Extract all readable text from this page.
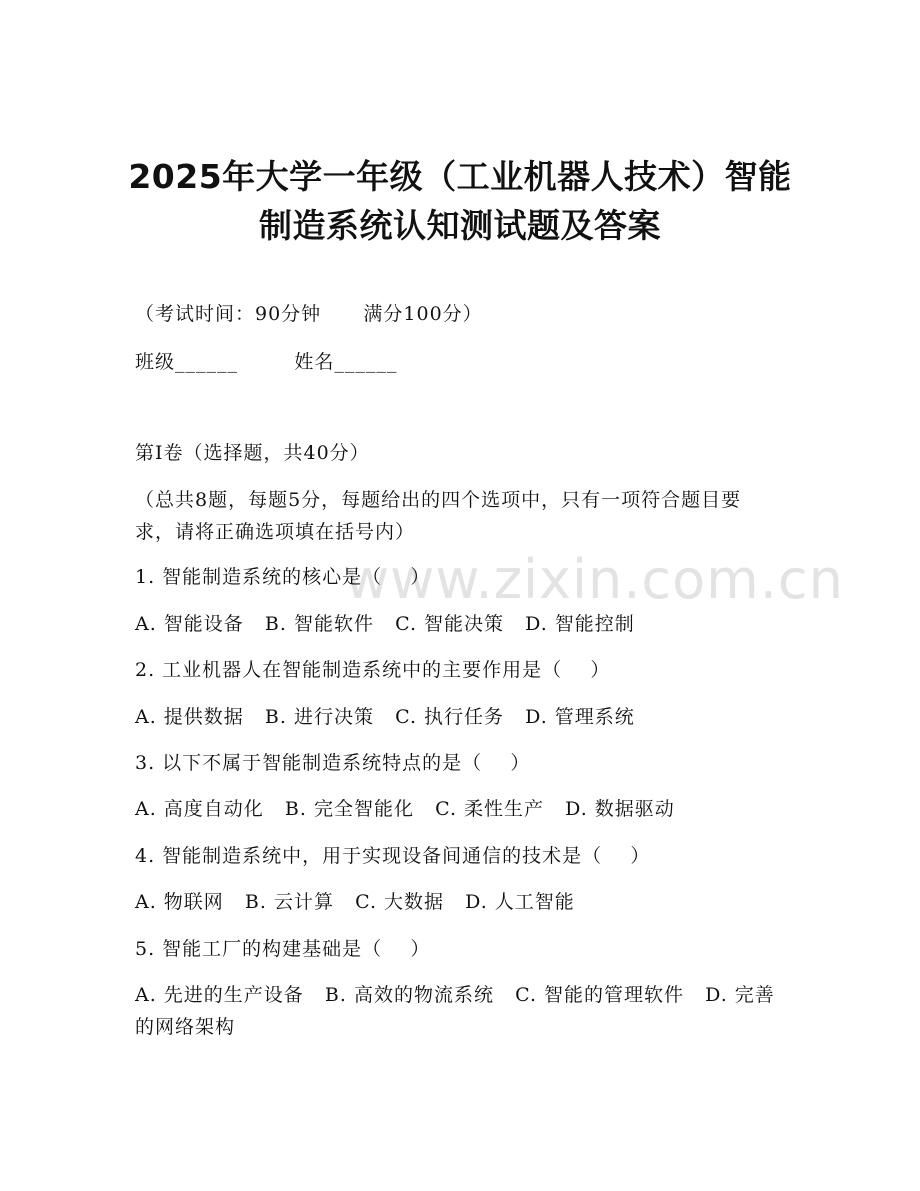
www.zixin.com.cn
2025年大学一年级（工业机器人技术）智能
制造系统认知测试题及答案
（考试时间：90分钟      满分100分）
班级______        姓名______
第I卷（选择题，共40分）
（总共8题，每题5分，每题给出的四个选项中，只有一项符合题目要求，请将正确选项填在括号内）
1. 智能制造系统的核心是（    ）
A. 智能设备   B. 智能软件   C. 智能决策   D. 智能控制
2. 工业机器人在智能制造系统中的主要作用是（    ）
A. 提供数据   B. 进行决策   C. 执行任务   D. 管理系统
3. 以下不属于智能制造系统特点的是（    ）
A. 高度自动化   B. 完全智能化   C. 柔性生产   D. 数据驱动
4. 智能制造系统中，用于实现设备间通信的技术是（    ）
A. 物联网   B. 云计算   C. 大数据   D. 人工智能
5. 智能工厂的构建基础是（    ）
A. 先进的生产设备   B. 高效的物流系统   C. 智能的管理软件   D. 完善的网络架构
